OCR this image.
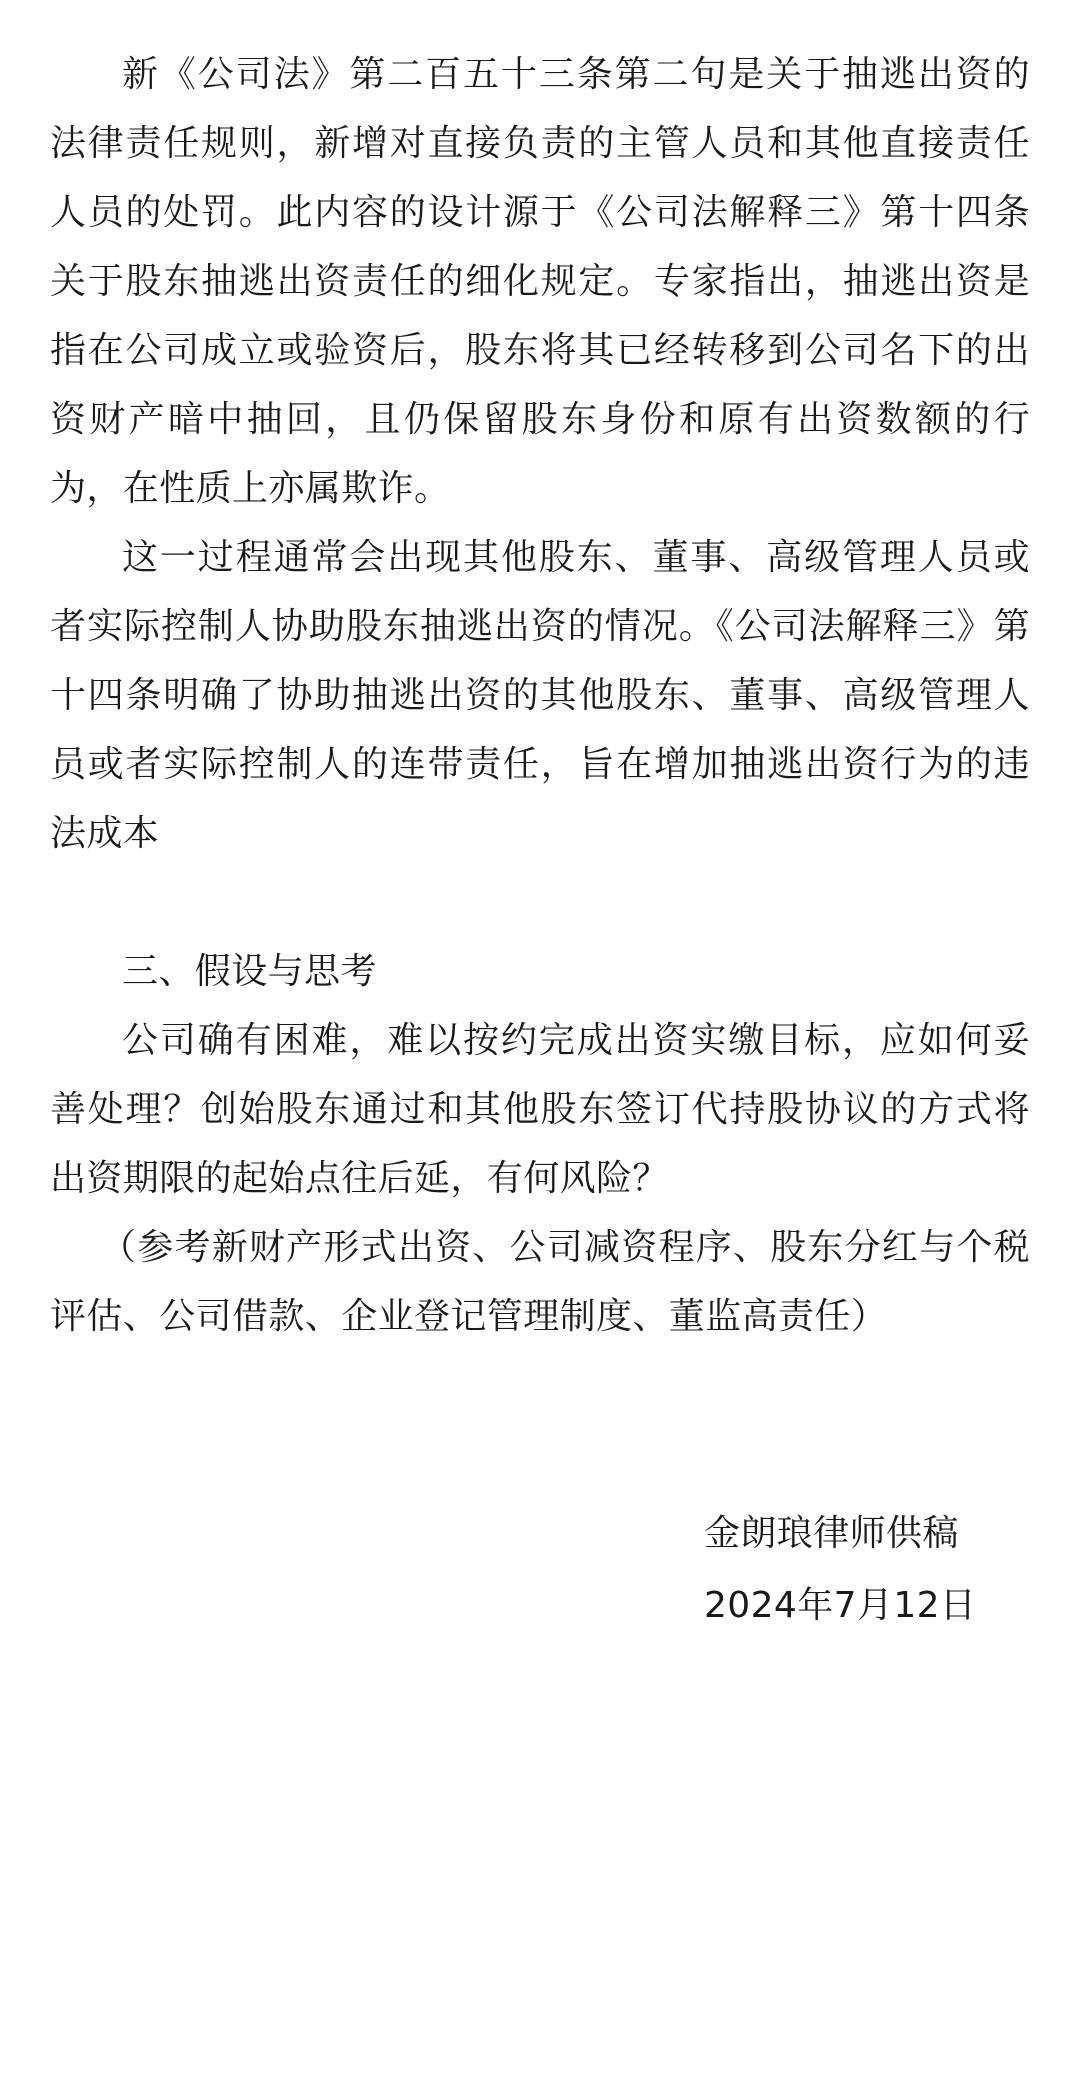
新《公司法》第二百五十三条第二句是关于抽逃出资的法律责任规则，新增对直接负责的主管人员和其他直接责任人员的处罚。此内容的设计源于《公司法解释三》第十四条关于股东抽逃出资责任的细化规定。专家指出，抽逃出资是指在公司成立或验资后，股东将其已经转移到公司名下的出资财产暗中抽回，且仍保留股东身份和原有出资数额的行为，在性质上亦属欺诈。

这一过程通常会出现其他股东、董事、高级管理人员或者实际控制人协助股东抽逃出资的情况。《公司法解释三》第十四条明确了协助抽逃出资的其他股东、董事、高级管理人员或者实际控制人的连带责任，旨在增加抽逃出资行为的违法成本

三、假设与思考

公司确有困难，难以按约完成出资实缴目标，应如何妥善处理？创始股东通过和其他股东签订代持股协议的方式将出资期限的起始点往后延，有何风险？

（参考新财产形式出资、公司减资程序、股东分红与个税评估、公司借款、企业登记管理制度、董监高责任）

金朗琅律师供稿
2024年7月12日
